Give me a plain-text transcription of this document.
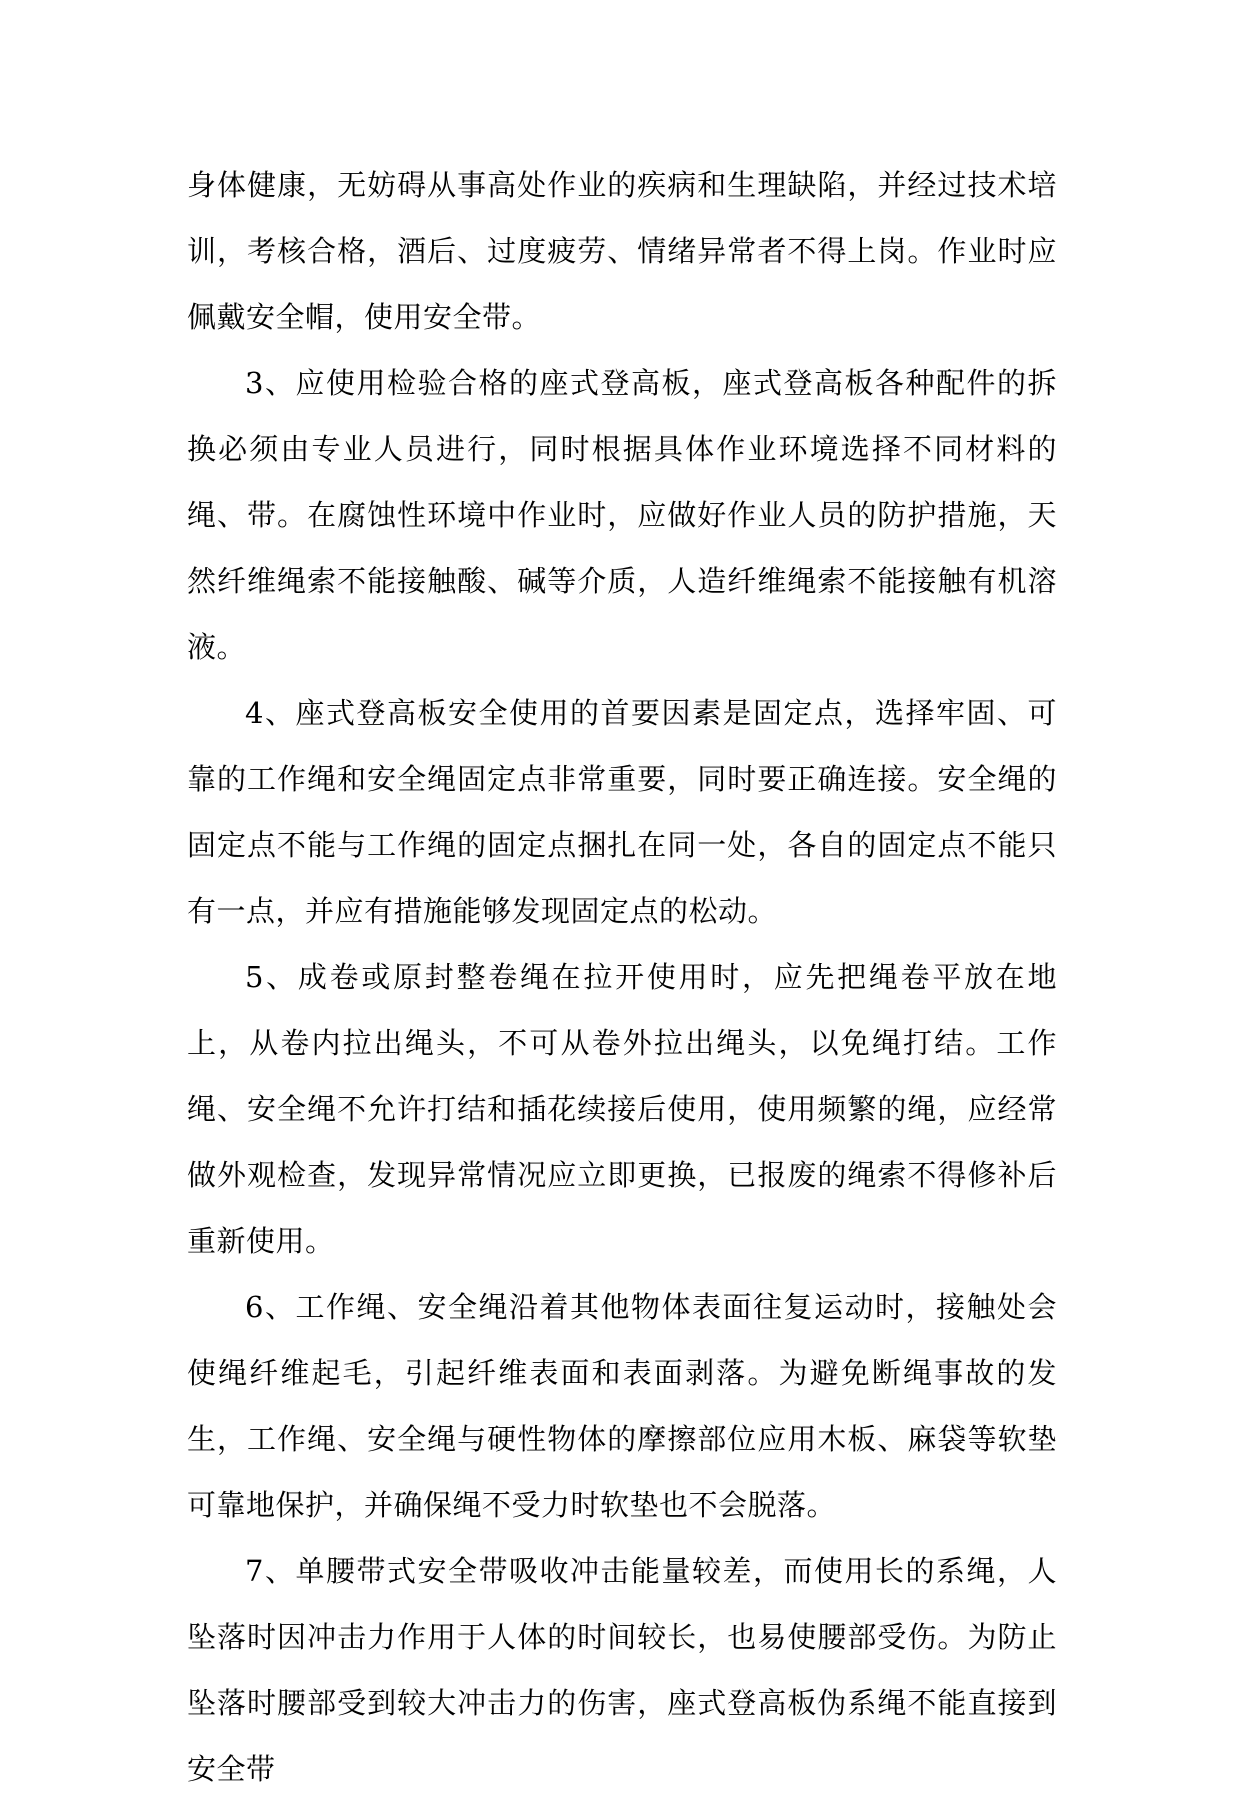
身体健康，无妨碍从事高处作业的疾病和生理缺陷，并经过技术培训，考核合格，酒后、过度疲劳、情绪异常者不得上岗。作业时应佩戴安全帽，使用安全带。

3、应使用检验合格的座式登高板，座式登高板各种配件的拆换必须由专业人员进行，同时根据具体作业环境选择不同材料的绳、带。在腐蚀性环境中作业时，应做好作业人员的防护措施，天然纤维绳索不能接触酸、碱等介质，人造纤维绳索不能接触有机溶液。

4、座式登高板安全使用的首要因素是固定点，选择牢固、可靠的工作绳和安全绳固定点非常重要，同时要正确连接。安全绳的固定点不能与工作绳的固定点捆扎在同一处，各自的固定点不能只有一点，并应有措施能够发现固定点的松动。

5、成卷或原封整卷绳在拉开使用时，应先把绳卷平放在地上，从卷内拉出绳头，不可从卷外拉出绳头，以免绳打结。工作绳、安全绳不允许打结和插花续接后使用，使用频繁的绳，应经常做外观检查，发现异常情况应立即更换，已报废的绳索不得修补后重新使用。

6、工作绳、安全绳沿着其他物体表面往复运动时，接触处会使绳纤维起毛，引起纤维表面和表面剥落。为避免断绳事故的发生，工作绳、安全绳与硬性物体的摩擦部位应用木板、麻袋等软垫可靠地保护，并确保绳不受力时软垫也不会脱落。

7、单腰带式安全带吸收冲击能量较差，而使用长的系绳，人坠落时因冲击力作用于人体的时间较长，也易使腰部受伤。为防止坠落时腰部受到较大冲击力的伤害，座式登高板伪系绳不能直接到安全带
